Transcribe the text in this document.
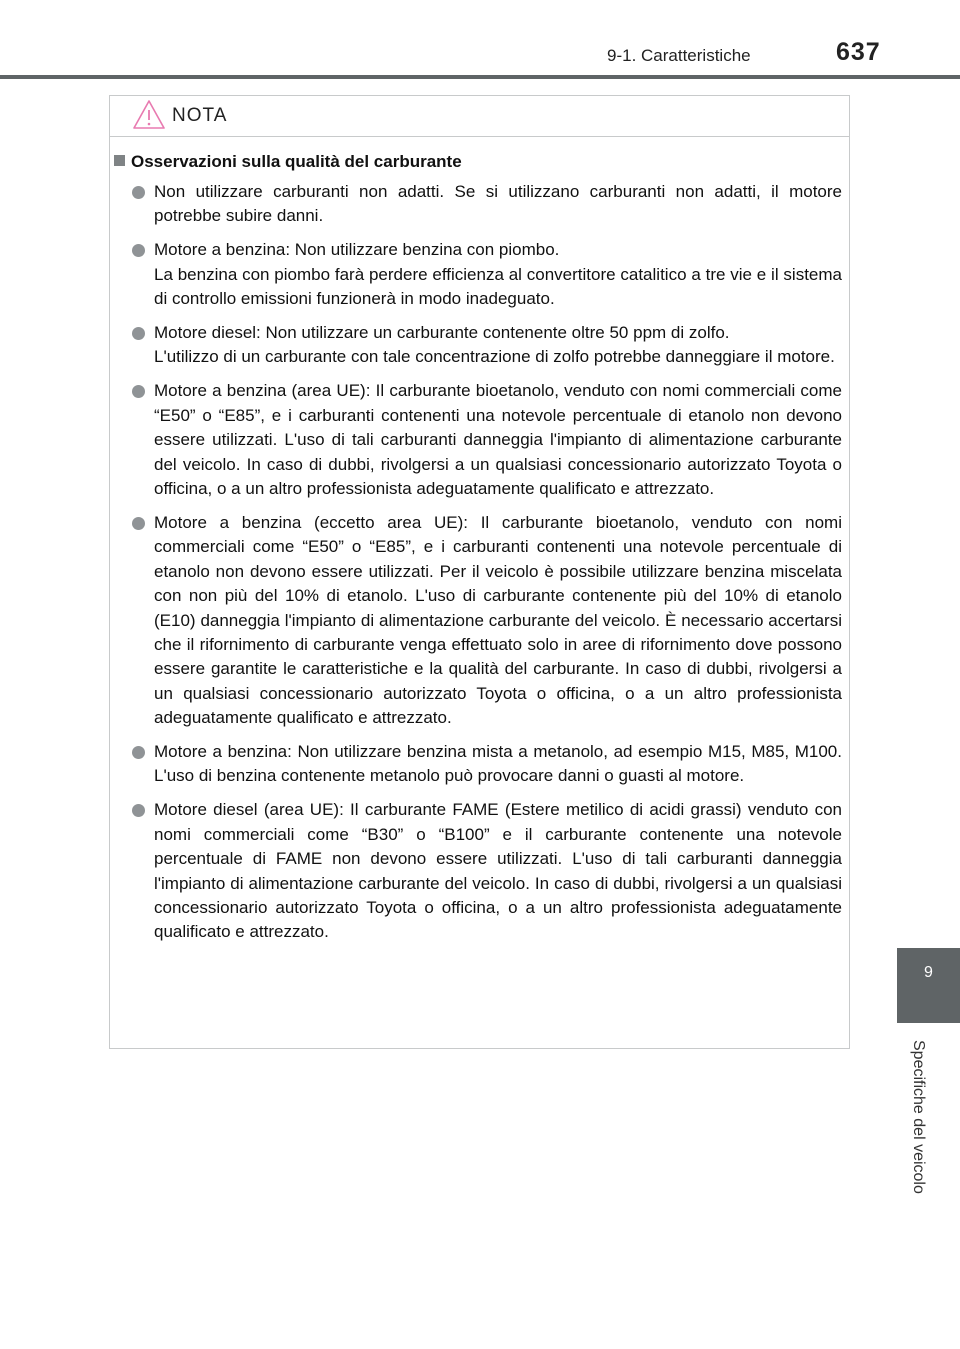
9-1. Caratteristiche	637
9
Specifiche del veicolo
NOTA
Osservazioni sulla qualità del carburante
Non utilizzare carburanti non adatti. Se si utilizzano carburanti non adatti, il motore potrebbe subire danni.
Motore a benzina: Non utilizzare benzina con piombo.
La benzina con piombo farà perdere efficienza al convertitore catalitico a tre vie e il sistema di controllo emissioni funzionerà in modo inadeguato.
Motore diesel: Non utilizzare un carburante contenente oltre 50 ppm di zolfo.
L'utilizzo di un carburante con tale concentrazione di zolfo potrebbe danneggiare il motore.
Motore a benzina (area UE): Il carburante bioetanolo, venduto con nomi commerciali come “E50” o “E85”, e i carburanti contenenti una notevole percentuale di etanolo non devono essere utilizzati. L'uso di tali carburanti danneggia l'impianto di alimentazione carburante del veicolo. In caso di dubbi, rivolgersi a un qualsiasi concessionario autorizzato Toyota o officina, o a un altro professionista adeguatamente qualificato e attrezzato.
Motore a benzina (eccetto area UE): Il carburante bioetanolo, venduto con nomi commerciali come “E50” o “E85”, e i carburanti contenenti una notevole percentuale di etanolo non devono essere utilizzati. Per il veicolo è possibile utilizzare benzina miscelata con non più del 10% di etanolo. L'uso di carburante contenente più del 10% di etanolo (E10) danneggia l'impianto di alimentazione carburante del veicolo. È necessario accertarsi che il rifornimento di carburante venga effettuato solo in aree di rifornimento dove possono essere garantite le caratteristiche e la qualità del carburante. In caso di dubbi, rivolgersi a un qualsiasi concessionario autorizzato Toyota o officina, o a un altro professionista adeguatamente qualificato e attrezzato.
Motore a benzina: Non utilizzare benzina mista a metanolo, ad esempio M15, M85, M100. L'uso di benzina contenente metanolo può provocare danni o guasti al motore.
Motore diesel (area UE): Il carburante FAME (Estere metilico di acidi grassi) venduto con nomi commerciali come “B30” o “B100” e il carburante contenente una notevole percentuale di FAME non devono essere utilizzati. L'uso di tali carburanti danneggia l'impianto di alimentazione carburante del veicolo. In caso di dubbi, rivolgersi a un qualsiasi concessionario autorizzato Toyota o officina, o a un altro professionista adeguatamente qualificato e attrezzato.
